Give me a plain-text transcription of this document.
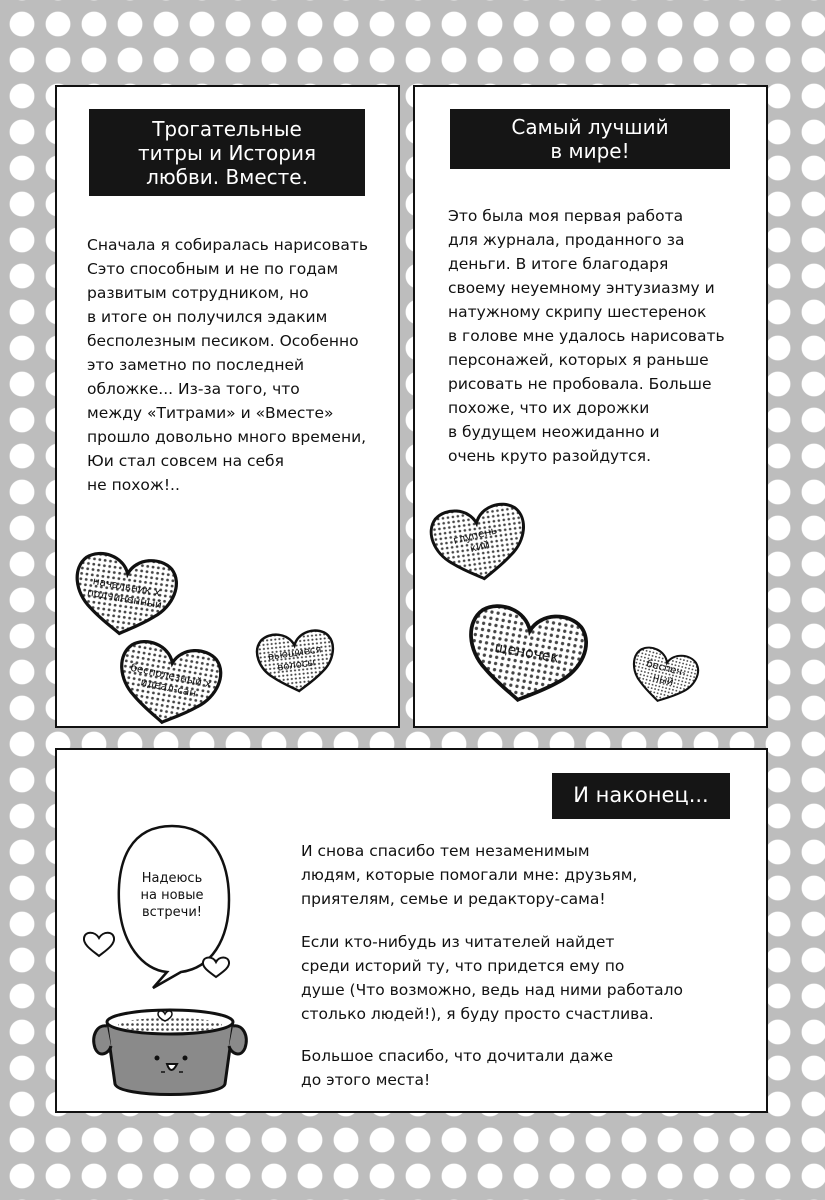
Трогательные
титры и История
любви. Вместе.
Сначала я собиралась нарисовать
Сэто способным и не по годам
развитым сотрудником, но
в итоге он получился эдаким
бесполезным песиком. Особенно
это заметно по последней
обложке... Из-за того, что
между «Титрами» и «Вместе»
прошло довольно много времени,
Юи стал совсем на себя
не похож!..
начальник х
подчиненный
бесполезный х
идеал-сан
вьющиеся
волосы
Самый лучший
в мире!
Это была моя первая работа
для журнала, проданного за
деньги. В итоге благодаря
своему неуемному энтузиазму и
натужному скрипу шестеренок
в голове мне удалось нарисовать
персонажей, которых я раньше
рисовать не пробовала. Больше
похоже, что их дорожки
в будущем неожиданно и
очень круто разойдутся.
глупень-
кий
щеночек
беспеч-
ный
И наконец...
И снова спасибо тем незаменимым
людям, которые помогали мне: друзьям,
приятелям, семье и редактору-сама!
Если кто-нибудь из читателей найдет
среди историй ту, что придется ему по
душе (Что возможно, ведь над ними работало
столько людей!), я буду просто счастлива.
Большое спасибо, что дочитали даже
до этого места!
Надеюсь
на новые
встречи!
